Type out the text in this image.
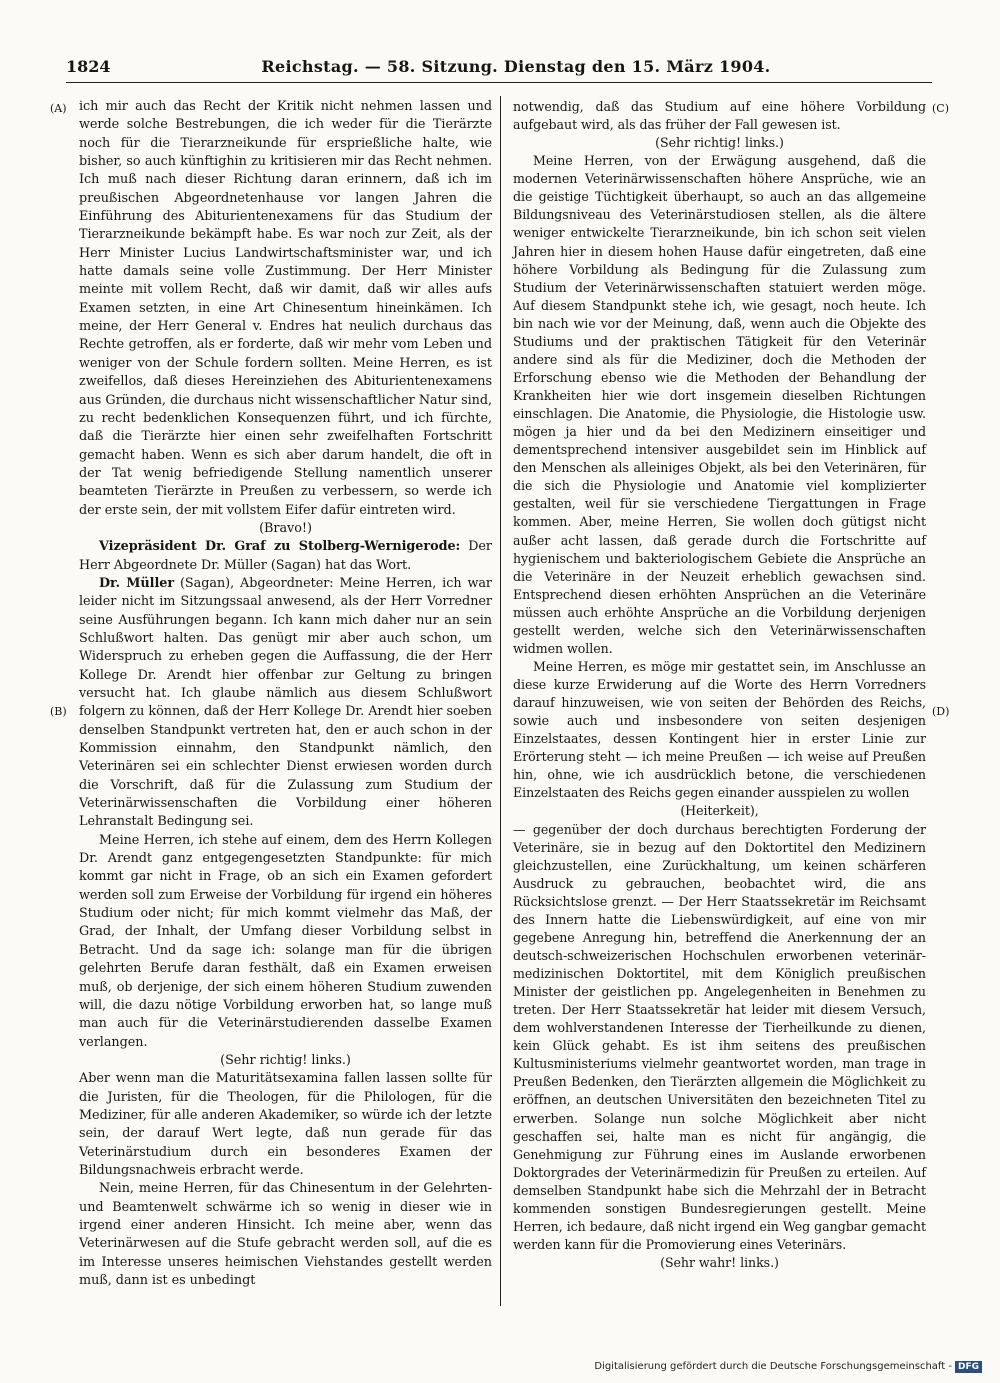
1824	Reichstag. — 58. Sitzung. Dienstag den 15. März 1904.
(A)
(B)
(C)
(D)

ich mir auch das Recht der Kritik nicht nehmen lassen und werde solche Bestrebungen, die ich weder für die Tierärzte noch für die Tierarzneikunde für ersprießliche halte, wie bisher, so auch künftighin zu kritisieren mir das Recht nehmen. Ich muß nach dieser Richtung daran erinnern, daß ich im preußischen Abgeordnetenhause vor langen Jahren die Einführung des Abiturientenexamens für das Studium der Tierarzneikunde bekämpft habe. Es war noch zur Zeit, als der Herr Minister Lucius Landwirtschaftsminister war, und ich hatte damals seine volle Zustimmung. Der Herr Minister meinte mit vollem Recht, daß wir damit, daß wir alles aufs Examen setzten, in eine Art Chinesentum hineinkämen. Ich meine, der Herr General v. Endres hat neulich durchaus das Rechte getroffen, als er forderte, daß wir mehr vom Leben und weniger von der Schule fordern sollten. Meine Herren, es ist zweifellos, daß dieses Hereinziehen des Abiturientenexamens aus Gründen, die durchaus nicht wissenschaftlicher Natur sind, zu recht bedenklichen Konsequenzen führt, und ich fürchte, daß die Tierärzte hier einen sehr zweifelhaften Fortschritt gemacht haben. Wenn es sich aber darum handelt, die oft in der Tat wenig befriedigende Stellung namentlich unserer beamteten Tierärzte in Preußen zu verbessern, so werde ich der erste sein, der mit vollstem Eifer dafür eintreten wird.

(Bravo!)

Vizepräsident Dr. Graf zu Stolberg-Wernigerode: Der Herr Abgeordnete Dr. Müller (Sagan) hat das Wort.

Dr. Müller (Sagan), Abgeordneter: Meine Herren, ich war leider nicht im Sitzungssaal anwesend, als der Herr Vorredner seine Ausführungen begann. Ich kann mich daher nur an sein Schlußwort halten. Das genügt mir aber auch schon, um Widerspruch zu erheben gegen die Auffassung, die der Herr Kollege Dr. Arendt hier offenbar zur Geltung zu bringen versucht hat. Ich glaube nämlich aus diesem Schlußwort folgern zu können, daß der Herr Kollege Dr. Arendt hier soeben denselben Standpunkt vertreten hat, den er auch schon in der Kommission einnahm, den Standpunkt nämlich, den Veterinären sei ein schlechter Dienst erwiesen worden durch die Vorschrift, daß für die Zulassung zum Studium der Veterinärwissenschaften die Vorbildung einer höheren Lehranstalt Bedingung sei.

Meine Herren, ich stehe auf einem, dem des Herrn Kollegen Dr. Arendt ganz entgegengesetzten Standpunkte: für mich kommt gar nicht in Frage, ob an sich ein Examen gefordert werden soll zum Erweise der Vorbildung für irgend ein höheres Studium oder nicht; für mich kommt vielmehr das Maß, der Grad, der Inhalt, der Umfang dieser Vorbildung selbst in Betracht. Und da sage ich: solange man für die übrigen gelehrten Berufe daran festhält, daß ein Examen erweisen muß, ob derjenige, der sich einem höheren Studium zuwenden will, die dazu nötige Vorbildung erworben hat, so lange muß man auch für die Veterinärstudierenden dasselbe Examen verlangen.

(Sehr richtig! links.)

Aber wenn man die Maturitätsexamina fallen lassen sollte für die Juristen, für die Theologen, für die Philologen, für die Mediziner, für alle anderen Akademiker, so würde ich der letzte sein, der darauf Wert legte, daß nun gerade für das Veterinärstudium durch ein besonderes Examen der Bildungsnachweis erbracht werde.

Nein, meine Herren, für das Chinesentum in der Gelehrten- und Beamtenwelt schwärme ich so wenig in dieser wie in irgend einer anderen Hinsicht. Ich meine aber, wenn das Veterinärwesen auf die Stufe gebracht werden soll, auf die es im Interesse unseres heimischen Viehstandes gestellt werden muß, dann ist es unbedingt

notwendig, daß das Studium auf eine höhere Vorbildung aufgebaut wird, als das früher der Fall gewesen ist.

(Sehr richtig! links.)

Meine Herren, von der Erwägung ausgehend, daß die modernen Veterinärwissenschaften höhere Ansprüche, wie an die geistige Tüchtigkeit überhaupt, so auch an das allgemeine Bildungsniveau des Veterinärstudiosen stellen, als die ältere weniger entwickelte Tierarzneikunde, bin ich schon seit vielen Jahren hier in diesem hohen Hause dafür eingetreten, daß eine höhere Vorbildung als Bedingung für die Zulassung zum Studium der Veterinärwissenschaften statuiert werden möge. Auf diesem Standpunkt stehe ich, wie gesagt, noch heute. Ich bin nach wie vor der Meinung, daß, wenn auch die Objekte des Studiums und der praktischen Tätigkeit für den Veterinär andere sind als für die Mediziner, doch die Methoden der Erforschung ebenso wie die Methoden der Behandlung der Krankheiten hier wie dort insgemein dieselben Richtungen einschlagen. Die Anatomie, die Physiologie, die Histologie usw. mögen ja hier und da bei den Medizinern einseitiger und dementsprechend intensiver ausgebildet sein im Hinblick auf den Menschen als alleiniges Objekt, als bei den Veterinären, für die sich die Physiologie und Anatomie viel komplizierter gestalten, weil für sie verschiedene Tiergattungen in Frage kommen. Aber, meine Herren, Sie wollen doch gütigst nicht außer acht lassen, daß gerade durch die Fortschritte auf hygienischem und bakteriologischem Gebiete die Ansprüche an die Veterinäre in der Neuzeit erheblich gewachsen sind. Entsprechend diesen erhöhten Ansprüchen an die Veterinäre müssen auch erhöhte Ansprüche an die Vorbildung derjenigen gestellt werden, welche sich den Veterinärwissenschaften widmen wollen.

Meine Herren, es möge mir gestattet sein, im Anschlusse an diese kurze Erwiderung auf die Worte des Herrn Vorredners darauf hinzuweisen, wie von seiten der Behörden des Reichs, sowie auch und insbesondere von seiten desjenigen Einzelstaates, dessen Kontingent hier in erster Linie zur Erörterung steht — ich meine Preußen — ich weise auf Preußen hin, ohne, wie ich ausdrücklich betone, die verschiedenen Einzelstaaten des Reichs gegen einander ausspielen zu wollen

(Heiterkeit),

— gegenüber der doch durchaus berechtigten Forderung der Veterinäre, sie in bezug auf den Doktortitel den Medizinern gleichzustellen, eine Zurückhaltung, um keinen schärferen Ausdruck zu gebrauchen, beobachtet wird, die ans Rücksichtslose grenzt. — Der Herr Staatssekretär im Reichsamt des Innern hatte die Liebenswürdigkeit, auf eine von mir gegebene Anregung hin, betreffend die Anerkennung der an deutsch-schweizerischen Hochschulen erworbenen veterinär-medizinischen Doktortitel, mit dem Königlich preußischen Minister der geistlichen pp. Angelegenheiten in Benehmen zu treten. Der Herr Staatssekretär hat leider mit diesem Versuch, dem wohlverstandenen Interesse der Tierheilkunde zu dienen, kein Glück gehabt. Es ist ihm seitens des preußischen Kultusministeriums vielmehr geantwortet worden, man trage in Preußen Bedenken, den Tierärzten allgemein die Möglichkeit zu eröffnen, an deutschen Universitäten den bezeichneten Titel zu erwerben. Solange nun solche Möglichkeit aber nicht geschaffen sei, halte man es nicht für angängig, die Genehmigung zur Führung eines im Auslande erworbenen Doktorgrades der Veterinärmedizin für Preußen zu erteilen. Auf demselben Standpunkt habe sich die Mehrzahl der in Betracht kommenden sonstigen Bundesregierungen gestellt. Meine Herren, ich bedaure, daß nicht irgend ein Weg gangbar gemacht werden kann für die Promovierung eines Veterinärs.

(Sehr wahr! links.)

Digitalisierung gefördert durch die Deutsche Forschungsgemeinschaft - DFG
